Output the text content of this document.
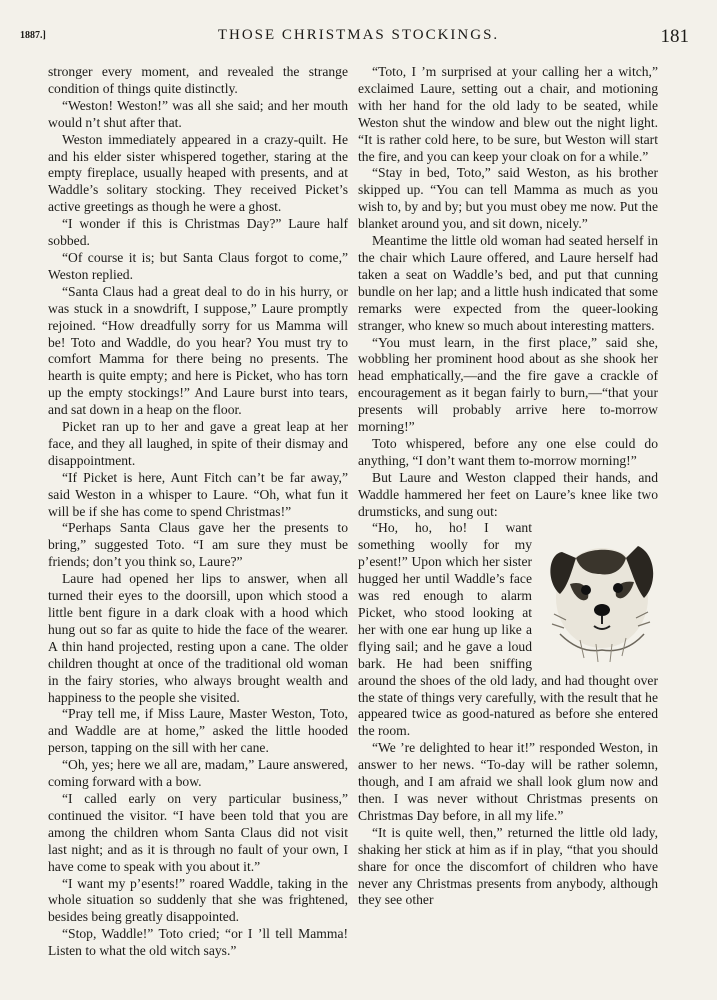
1887.]	THOSE CHRISTMAS STOCKINGS.	181

stronger every moment, and revealed the strange condition of things quite distinctly.

“Weston! Weston!” was all she said; and her mouth would n’t shut after that.

Weston immediately appeared in a crazy-quilt. He and his elder sister whispered together, staring at the empty fireplace, usually heaped with presents, and at Waddle’s solitary stocking. They received Picket’s active greetings as though he were a ghost.

“I wonder if this is Christmas Day?” Laure half sobbed.

“Of course it is; but Santa Claus forgot to come,” Weston replied.

“Santa Claus had a great deal to do in his hurry, or was stuck in a snowdrift, I suppose,” Laure promptly rejoined. “How dreadfully sorry for us Mamma will be! Toto and Waddle, do you hear? You must try to comfort Mamma for there being no presents. The hearth is quite empty; and here is Picket, who has torn up the empty stockings!” And Laure burst into tears, and sat down in a heap on the floor.

Picket ran up to her and gave a great leap at her face, and they all laughed, in spite of their dismay and disappointment.

“If Picket is here, Aunt Fitch can’t be far away,” said Weston in a whisper to Laure. “Oh, what fun it will be if she has come to spend Christmas!”

“Perhaps Santa Claus gave her the presents to bring,” suggested Toto. “I am sure they must be friends; don’t you think so, Laure?”

Laure had opened her lips to answer, when all turned their eyes to the doorsill, upon which stood a little bent figure in a dark cloak with a hood which hung out so far as quite to hide the face of the wearer. A thin hand projected, resting upon a cane. The older children thought at once of the traditional old woman in the fairy stories, who always brought wealth and happiness to the people she visited.

“Pray tell me, if Miss Laure, Master Weston, Toto, and Waddle are at home,” asked the little hooded person, tapping on the sill with her cane.

“Oh, yes; here we all are, madam,” Laure answered, coming forward with a bow.

“I called early on very particular business,” continued the visitor. “I have been told that you are among the children whom Santa Claus did not visit last night; and as it is through no fault of your own, I have come to speak with you about it.”

“I want my p’esents!” roared Waddle, taking in the whole situation so suddenly that she was frightened, besides being greatly disappointed.

“Stop, Waddle!” Toto cried; “or I ’ll tell Mamma! Listen to what the old witch says.”

“Toto, I ’m surprised at your calling her a witch,” exclaimed Laure, setting out a chair, and motioning with her hand for the old lady to be seated, while Weston shut the window and blew out the night light. “It is rather cold here, to be sure, but Weston will start the fire, and you can keep your cloak on for a while.”

“Stay in bed, Toto,” said Weston, as his brother skipped up. “You can tell Mamma as much as you wish to, by and by; but you must obey me now. Put the blanket around you, and sit down, nicely.”

Meantime the little old woman had seated herself in the chair which Laure offered, and Laure herself had taken a seat on Waddle’s bed, and put that cunning bundle on her lap; and a little hush indicated that some remarks were expected from the queer-looking stranger, who knew so much about interesting matters.

“You must learn, in the first place,” said she, wobbling her prominent hood about as she shook her head emphatically,—and the fire gave a crackle of encouragement as it began fairly to burn,—“that your presents will probably arrive here to-morrow morning!”

Toto whispered, before any one else could do anything, “I don’t want them to-morrow morning!”

But Laure and Weston clapped their hands, and Waddle hammered her feet on Laure’s knee like two drumsticks, and sung out:

“Ho, ho, ho! I want something woolly for my p’esent!” Upon which her sister hugged her until Waddle’s face was red enough to alarm Picket, who stood looking at her with one ear hung up like a flying sail; and he gave a loud bark. He had been sniffing around the shoes of the old lady, and had thought over the state of things very carefully, with the result that he appeared twice as good-natured as before she entered the room.

“We ’re delighted to hear it!” responded Weston, in answer to her news. “To-day will be rather solemn, though, and I am afraid we shall look glum now and then. I was never without Christmas presents on Christmas Day before, in all my life.”

“It is quite well, then,” returned the little old lady, shaking her stick at him as if in play, “that you should share for once the discomfort of children who have never any Christmas presents from anybody, although they see other
